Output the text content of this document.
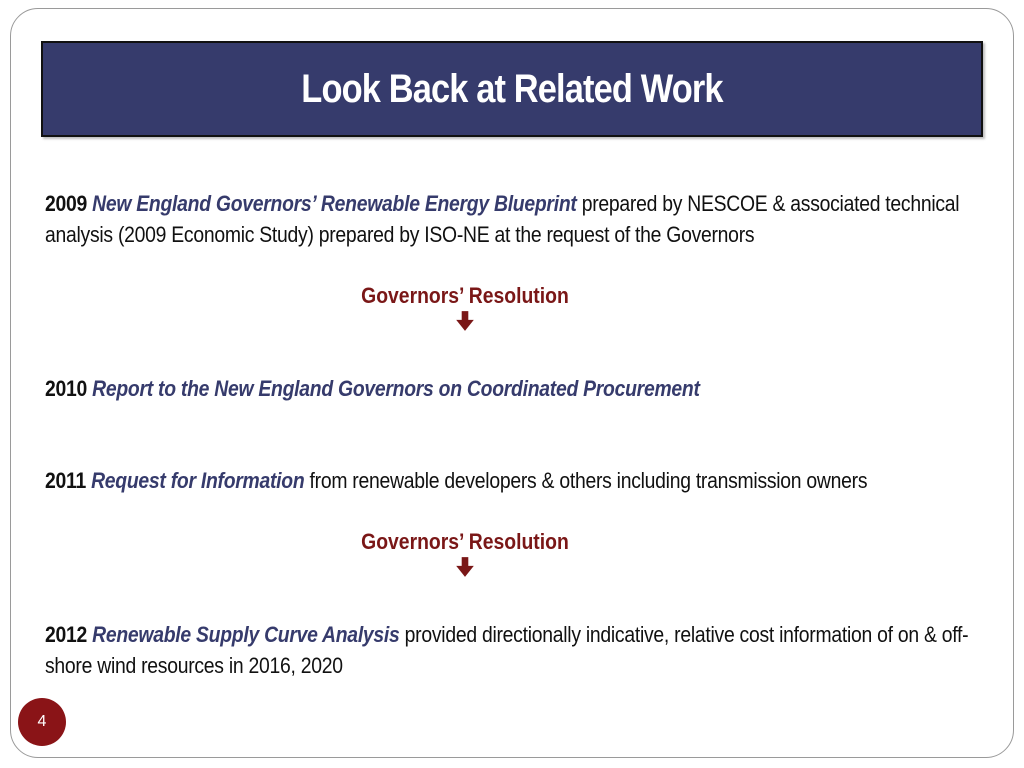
Look Back at Related Work
2009 New England Governors’ Renewable Energy Blueprint prepared by NESCOE & associated technical analysis (2009 Economic Study) prepared by ISO-NE at the request of the Governors
Governors’ Resolution
2010 Report to the New England Governors on Coordinated Procurement
2011 Request for Information from renewable developers & others including transmission owners
Governors’ Resolution
2012 Renewable Supply Curve Analysis provided directionally indicative, relative cost information of on & off-shore wind resources in 2016, 2020
4
